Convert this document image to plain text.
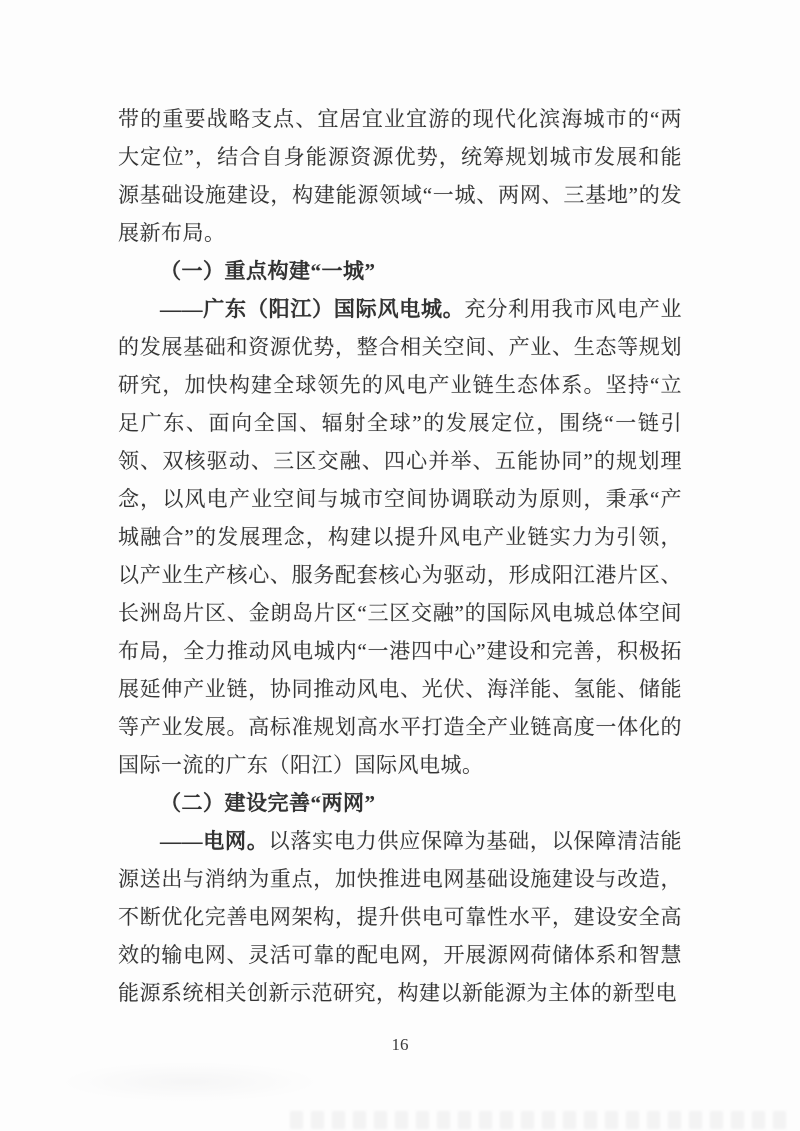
带的重要战略支点、宜居宜业宜游的现代化滨海城市的“两大定位”，结合自身能源资源优势，统筹规划城市发展和能源基础设施建设，构建能源领域“一城、两网、三基地”的发展新布局。

（一）重点构建“一城”

——广东（阳江）国际风电城。充分利用我市风电产业的发展基础和资源优势，整合相关空间、产业、生态等规划研究，加快构建全球领先的风电产业链生态体系。坚持“立足广东、面向全国、辐射全球”的发展定位，围绕“一链引领、双核驱动、三区交融、四心并举、五能协同”的规划理念，以风电产业空间与城市空间协调联动为原则，秉承“产城融合”的发展理念，构建以提升风电产业链实力为引领，以产业生产核心、服务配套核心为驱动，形成阳江港片区、长洲岛片区、金朗岛片区“三区交融”的国际风电城总体空间布局，全力推动风电城内“一港四中心”建设和完善，积极拓展延伸产业链，协同推动风电、光伏、海洋能、氢能、储能等产业发展。高标准规划高水平打造全产业链高度一体化的国际一流的广东（阳江）国际风电城。

（二）建设完善“两网”

——电网。以落实电力供应保障为基础，以保障清洁能源送出与消纳为重点，加快推进电网基础设施建设与改造，不断优化完善电网架构，提升供电可靠性水平，建设安全高效的输电网、灵活可靠的配电网，开展源网荷储体系和智慧能源系统相关创新示范研究，构建以新能源为主体的新型电

16
